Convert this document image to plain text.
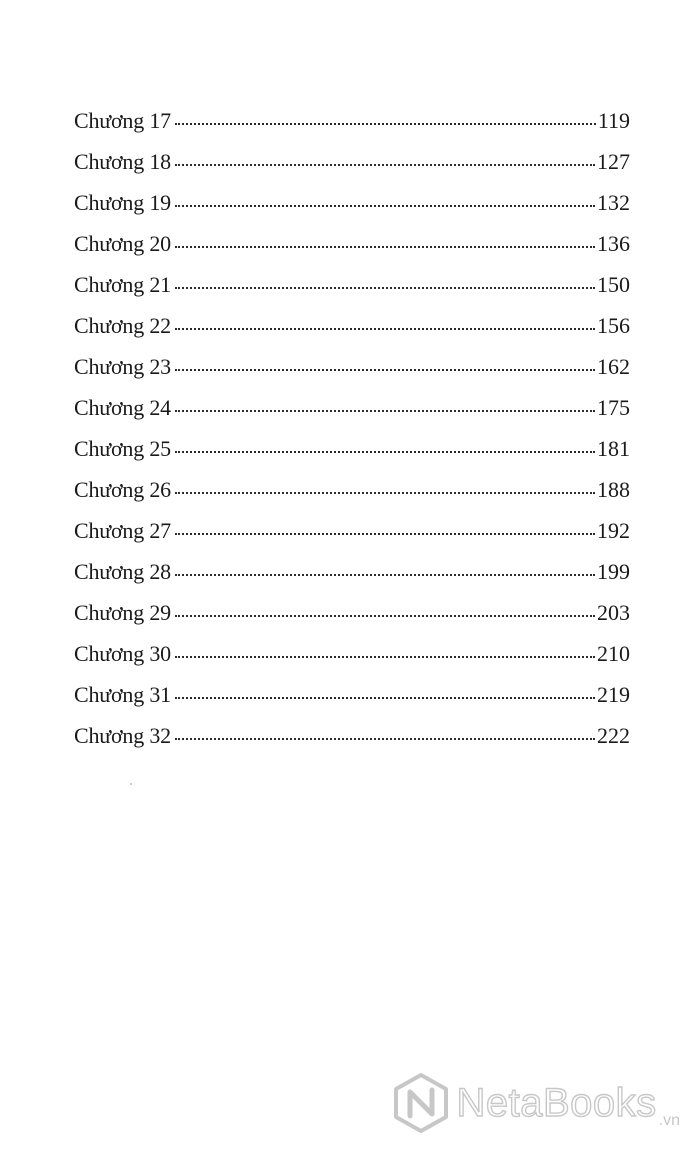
Chương 17	119
Chương 18	127
Chương 19	132
Chương 20	136
Chương 21	150
Chương 22	156
Chương 23	162
Chương 24	175
Chương 25	181
Chương 26	188
Chương 27	192
Chương 28	199
Chương 29	203
Chương 30	210
Chương 31	219
Chương 32	222
NetaBooks .vn
